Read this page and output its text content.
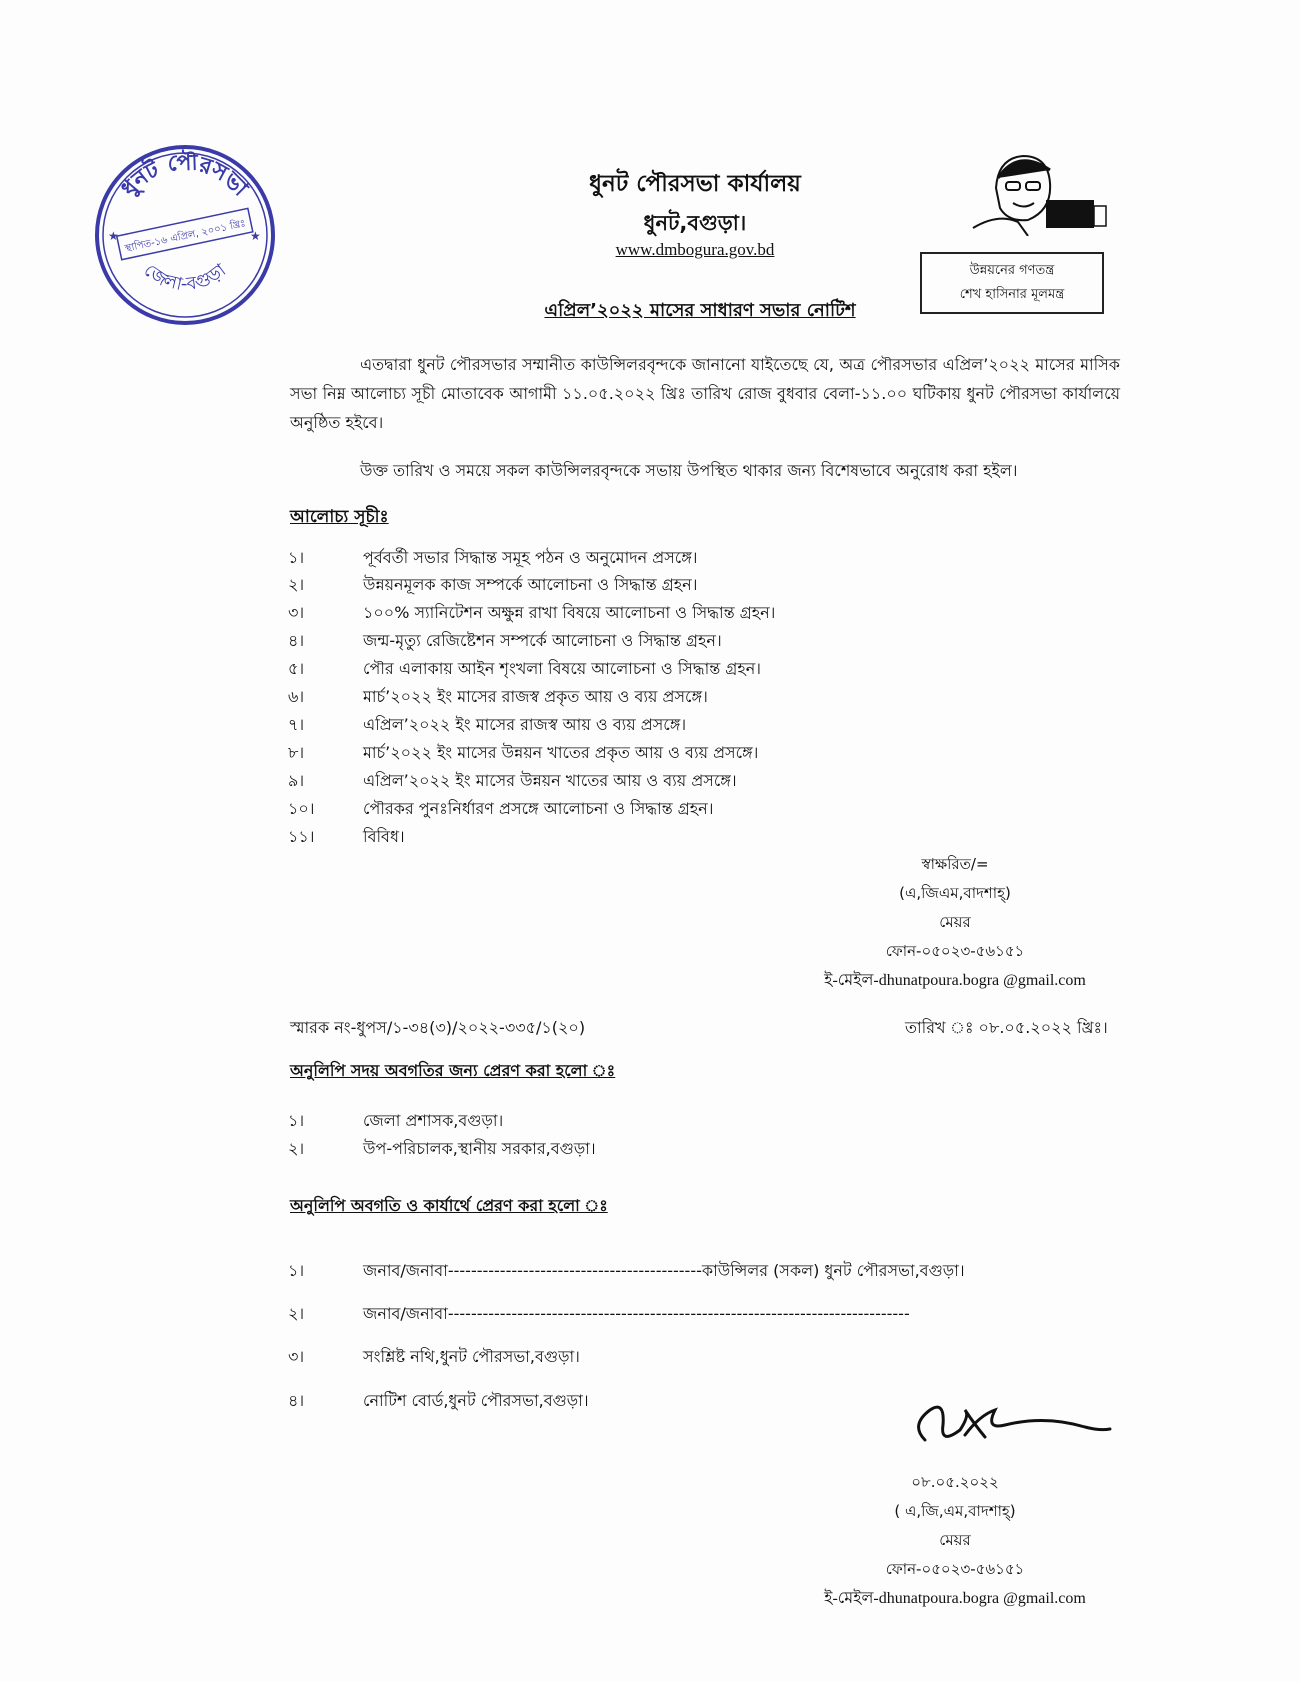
ধুনট পৌরসভা
জেলা-বগুড়া
স্থাপিত-১৬ এপ্রিল, ২০০১ খ্রিঃ
★	★
ধুনট পৌরসভা কার্যালয়
ধুনট,বগুড়া।
www.dmbogura.gov.bd
উন্নয়নের গণতন্ত্র
শেখ হাসিনার মূলমন্ত্র
এপ্রিল’২০২২ মাসের সাধারণ সভার নোটিশ
এতদ্বারা ধুনট পৌরসভার সম্মানীত কাউন্সিলরবৃন্দকে জানানো যাইতেছে যে, অত্র পৌরসভার এপ্রিল’২০২২ মাসের মাসিক সভা নিম্ন আলোচ্য সূচী মোতাবেক আগামী ১১.০৫.২০২২ খ্রিঃ তারিখ রোজ বুধবার বেলা-১১.০০ ঘটিকায় ধুনট পৌরসভা কার্যালয়ে অনুষ্ঠিত হইবে।
উক্ত তারিখ ও সময়ে সকল কাউন্সিলরবৃন্দকে সভায় উপস্থিত থাকার জন্য বিশেষভাবে অনুরোধ করা হইল।
আলোচ্য সূচীঃ
১।	পূর্ববর্তী সভার সিদ্ধান্ত সমূহ পঠন ও অনুমোদন প্রসঙ্গে।
২।	উন্নয়নমূলক কাজ সম্পর্কে আলোচনা ও সিদ্ধান্ত গ্রহন।
৩।	১০০% স্যানিটেশন অক্ষুন্ন রাখা বিষয়ে আলোচনা ও সিদ্ধান্ত গ্রহন।
৪।	জন্ম-মৃত্যু রেজিষ্টেশন সম্পর্কে আলোচনা ও সিদ্ধান্ত গ্রহন।
৫।	পৌর এলাকায় আইন শৃংখলা বিষয়ে আলোচনা ও সিদ্ধান্ত গ্রহন।
৬।	মার্চ’২০২২ ইং মাসের রাজস্ব প্রকৃত আয় ও ব্যয় প্রসঙ্গে।
৭।	এপ্রিল’২০২২ ইং মাসের রাজস্ব আয় ও ব্যয় প্রসঙ্গে।
৮।	মার্চ’২০২২ ইং মাসের উন্নয়ন খাতের প্রকৃত আয় ও ব্যয় প্রসঙ্গে।
৯।	এপ্রিল’২০২২ ইং মাসের উন্নয়ন খাতের আয় ও ব্যয় প্রসঙ্গে।
১০।	পৌরকর পুনঃনির্ধারণ প্রসঙ্গে আলোচনা ও সিদ্ধান্ত গ্রহন।
১১।	বিবিধ।
স্বাক্ষরিত/=
(এ,জিএম,বাদশাহ্)
মেয়র
ফোন-০৫০২৩-৫৬১৫১
ই-মেইল-dhunatpoura.bogra @gmail.com
স্মারক নং-ধুপস/১-৩৪(৩)/২০২২-৩৩৫/১(২০)	তারিখ ঃ ০৮.০৫.২০২২ খ্রিঃ।
অনুলিপি সদয় অবগতির জন্য প্রেরণ করা হলো ঃ
১।	জেলা প্রশাসক,বগুড়া।
২।	উপ-পরিচালক,স্থানীয় সরকার,বগুড়া।
অনুলিপি অবগতি ও কার্যার্থে প্রেরণ করা হলো ঃ
১।	জনাব/জনাবা--------------------------------------------কাউন্সিলর (সকল) ধুনট পৌরসভা,বগুড়া।
২।	জনাব/জনাবা--------------------------------------------------------------------------------
৩।	সংশ্লিষ্ট নথি,ধুনট পৌরসভা,বগুড়া।
৪।	নোটিশ বোর্ড,ধুনট পৌরসভা,বগুড়া।
০৮.০৫.২০২২
( এ,জি,এম,বাদশাহ্)
মেয়র
ফোন-০৫০২৩-৫৬১৫১
ই-মেইল-dhunatpoura.bogra @gmail.com
